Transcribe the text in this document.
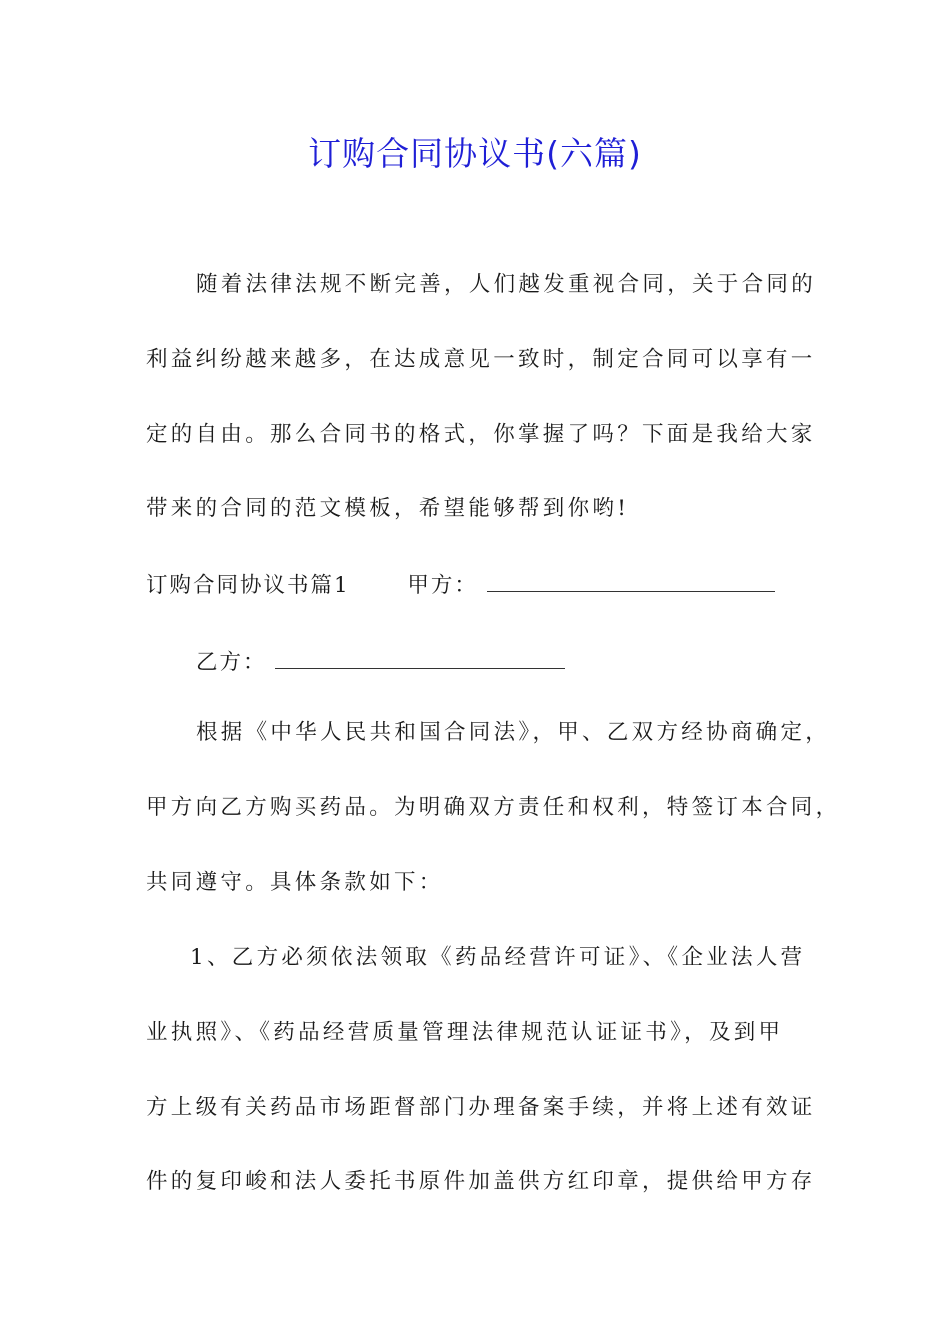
订购合同协议书(六篇)
随着法律法规不断完善，人们越发重视合同，关于合同的
利益纠纷越来越多，在达成意见一致时，制定合同可以享有一
定的自由。那么合同书的格式，你掌握了吗？下面是我给大家
带来的合同的范文模板，希望能够帮到你哟!
订购合同协议书篇1	甲方：
乙方：
根据《中华人民共和国合同法》，甲、乙双方经协商确定，
甲方向乙方购买药品。为明确双方责任和权利，特签订本合同，
共同遵守。具体条款如下：
1、乙方必须依法领取《药品经营许可证》、《企业法人营
业执照》、《药品经营质量管理法律规范认证证书》，及到甲
方上级有关药品市场距督部门办理备案手续，并将上述有效证
件的复印峻和法人委托书原件加盖供方红印章，提供给甲方存
